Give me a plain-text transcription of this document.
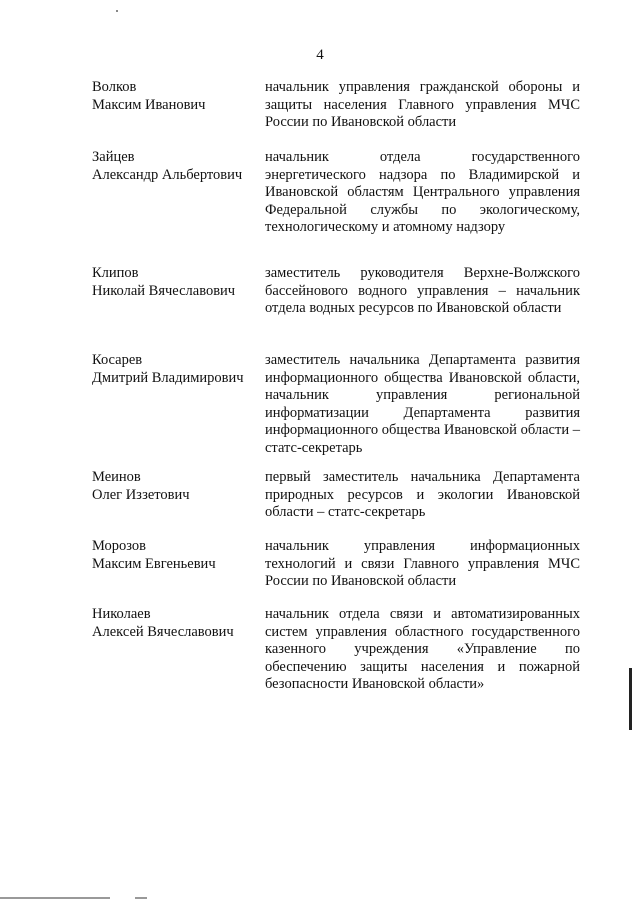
4
Волков
Максим Иванович
начальник управления гражданской обороны и защиты населения Главного управления МЧС России по Ивановской области
Зайцев
Александр Альбертович
начальник отдела государственного энергетического надзора по Владимирской и Ивановской областям Центрального управления Федеральной службы по экологическому, технологическому и атомному надзору
Клипов
Николай Вячеславович
заместитель руководителя Верхне-Волжского бассейнового водного управления – начальник отдела водных ресурсов по Ивановской области
Косарев
Дмитрий Владимирович
заместитель начальника Департамента развития информационного общества Ивановской области, начальник управления региональной информатизации Департамента развития информационного общества Ивановской области – статс-секретарь
Меинов
Олег Иззетович
первый заместитель начальника Департамента природных ресурсов и экологии Ивановской области – статс-секретарь
Морозов
Максим Евгеньевич
начальник управления информационных технологий и связи Главного управления МЧС России по Ивановской области
Николаев
Алексей Вячеславович
начальник отдела связи и автоматизированных систем управления областного государственного казенного учреждения «Управление по обеспечению защиты населения и пожарной безопасности Ивановской области»
